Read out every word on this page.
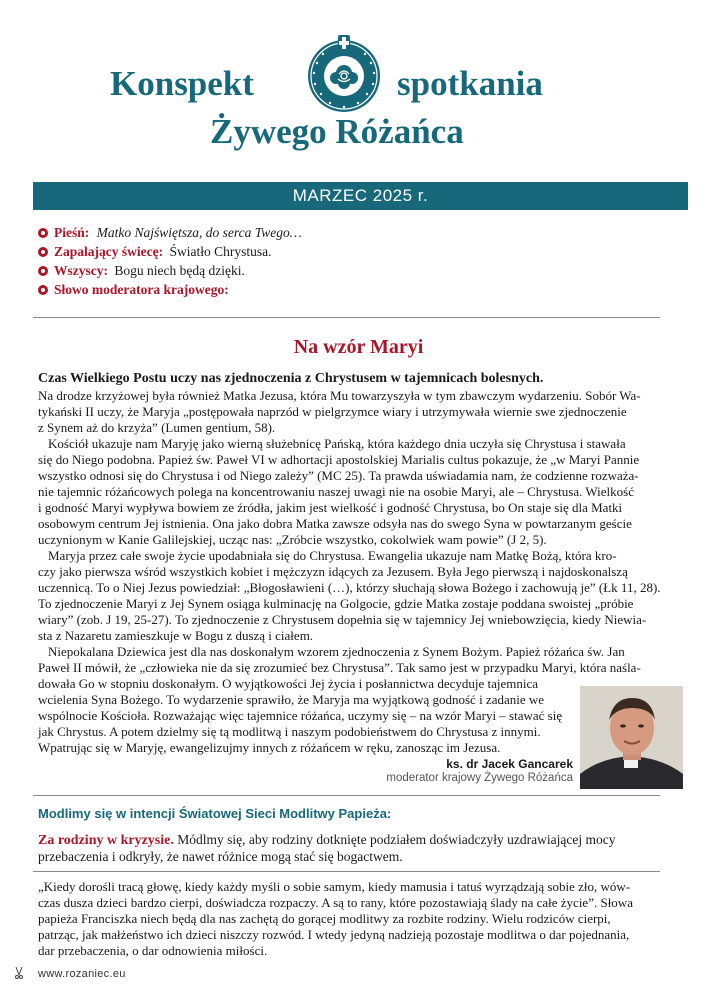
Konspekt	spotkania
Żywego Różańca
MARZEC 2025 r.
Pieśń: Matko Najświętsza, do serca Twego…
Zapalający świecę: Światło Chrystusa.
Wszyscy: Bogu niech będą dzięki.
Słowo moderatora krajowego:
Na wzór Maryi
Czas Wielkiego Postu uczy nas zjednoczenia z Chrystusem w tajemnicach bolesnych.
Na drodze krzyżowej była również Matka Jezusa, która Mu towarzyszyła w tym zbawczym wydarzeniu. Sobór Wa-
tykański II uczy, że Maryja „postępowała naprzód w pielgrzymce wiary i utrzymywała wiernie swe zjednoczenie
z Synem aż do krzyża” (Lumen gentium, 58).
Kościół ukazuje nam Maryję jako wierną służebnicę Pańską, która każdego dnia uczyła się Chrystusa i stawała
się do Niego podobna. Papież św. Paweł VI w adhortacji apostolskiej Marialis cultus pokazuje, że „w Maryi Pannie
wszystko odnosi się do Chrystusa i od Niego zależy” (MC 25). Ta prawda uświadamia nam, że codzienne rozważa-
nie tajemnic różańcowych polega na koncentrowaniu naszej uwagi nie na osobie Maryi, ale – Chrystusa. Wielkość
i godność Maryi wypływa bowiem ze źródła, jakim jest wielkość i godność Chrystusa, bo On staje się dla Matki
osobowym centrum Jej istnienia. Ona jako dobra Matka zawsze odsyła nas do swego Syna w powtarzanym geście
uczynionym w Kanie Galilejskiej, ucząc nas: „Zróbcie wszystko, cokolwiek wam powie” (J 2, 5).
Maryja przez całe swoje życie upodabniała się do Chrystusa. Ewangelia ukazuje nam Matkę Bożą, która kro-
czy jako pierwsza wśród wszystkich kobiet i mężczyzn idących za Jezusem. Była Jego pierwszą i najdoskonalszą
uczennicą. To o Niej Jezus powiedział: „Błogosławieni (…), którzy słuchają słowa Bożego i zachowują je” (Łk 11, 28).
To zjednoczenie Maryi z Jej Synem osiąga kulminację na Golgocie, gdzie Matka zostaje poddana swoistej „próbie
wiary” (zob. J 19, 25-27). To zjednoczenie z Chrystusem dopełnia się w tajemnicy Jej wniebowzięcia, kiedy Niewia-
sta z Nazaretu zamieszkuje w Bogu z duszą i ciałem.
Niepokalana Dziewica jest dla nas doskonałym wzorem zjednoczenia z Synem Bożym. Papież różańca św. Jan
Paweł II mówił, że „człowieka nie da się zrozumieć bez Chrystusa”. Tak samo jest w przypadku Maryi, która naśla-
dowała Go w stopniu doskonałym. O wyjątkowości Jej życia i posłannictwa decyduje tajemnica
wcielenia Syna Bożego. To wydarzenie sprawiło, że Maryja ma wyjątkową godność i zadanie we
wspólnocie Kościoła. Rozważając więc tajemnice różańca, uczymy się – na wzór Maryi – stawać się
jak Chrystus. A potem dzielmy się tą modlitwą i naszym podobieństwem do Chrystusa z innymi.
Wpatrując się w Maryję, ewangelizujmy innych z różańcem w ręku, zanosząc im Jezusa.
ks. dr Jacek Gancarek
moderator krajowy Żywego Różańca
Modlimy się w intencji Światowej Sieci Modlitwy Papieża:
Za rodziny w kryzysie. Módlmy się, aby rodziny dotknięte podziałem doświadczyły uzdrawiającej mocy
przebaczenia i odkryły, że nawet różnice mogą stać się bogactwem.
„Kiedy dorośli tracą głowę, kiedy każdy myśli o sobie samym, kiedy mamusia i tatuś wyrządzają sobie zło, wów-
czas dusza dzieci bardzo cierpi, doświadcza rozpaczy. A są to rany, które pozostawiają ślady na całe życie”. Słowa
papieża Franciszka niech będą dla nas zachętą do gorącej modlitwy za rozbite rodziny. Wielu rodziców cierpi,
patrząc, jak małżeństwo ich dzieci niszczy rozwód. I wtedy jedyną nadzieją pozostaje modlitwa o dar pojednania,
dar przebaczenia, o dar odnowienia miłości.
www.rozaniec.eu
